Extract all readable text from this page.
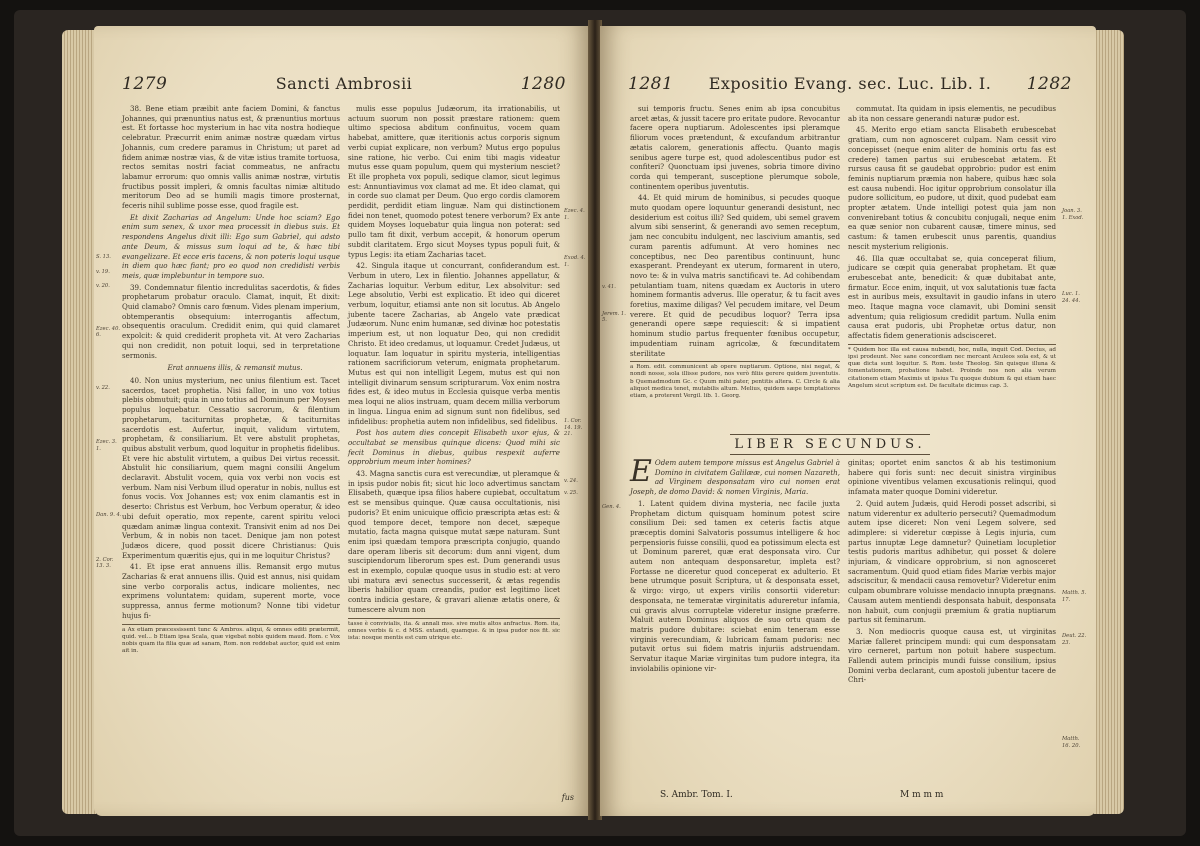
1279	Sancti Ambrosii	1280
S. 13.
v. 19.
v. 20.
Ezec. 40. 6.
v. 22.
Ezec. 3. 1.
Dan. 9. 4.
2. Cor. 13. 3.

38. Bene etiam præibit ante faciem Domini, & fanctus Johannes, qui prænuntius natus est, & prænuntius mortuus est. Et fortasse hoc mysterium in hac vita nostra hodieque celebratur. Præcurrit enim animæ nostræ quædam virtus Johannis, cum credere paramus in Christum; ut paret ad fidem animæ nostræ vias, & de vitæ istius tramite tortuosa, rectos semitas nostri faciat commeatus, ne anfractu labamur errorum: quo omnis vallis animæ nostræ, virtutis fructibus possit impleri, & omnis facultas nimiæ altitudo meritorum Deo ad se humili magis timore prosternat, feceris nihil sublime posse esse, quod fragile est.

Et dixit Zacharias ad Angelum: Unde hoc sciam? Ego enim sum senex, & uxor mea processit in diebus suis. Et respondens Angelus dixit illi: Ego sum Gabriel, qui adsto ante Deum, & missus sum loqui ad te, & hæc tibi evangelizare. Et ecce eris tacens, & non poteris loqui usque in diem quo hæc fiant; pro eo quod non credidisti verbis meis, quæ implebuntur in tempore suo.

39. Condemnatur filentio incredulitas sacerdotis, & fides prophetarum probatur oraculo. Clamat, inquit, Et dixit: Quid clamabo? Omnis caro fœnum. Vides plenam imperium, obtemperantis obsequium: interrogantis affectum, obsequentis oraculum. Credidit enim, qui quid clamaret expolcit: & quid crediderit propheta vit. At vero Zacharias qui non credidit, non potuit loqui, sed in terpretatione sermonis.

Erat annuens illis, & remansit mutus.

40. Non unius mysterium, nec unius filentium est. Tacet sacerdos, tacet prophetia. Nisi fallor, in uno vox totius plebis obmutuit; quia in uno totius ad Dominum per Moysen populus loquebatur. Cessatio sacrorum, & filentium prophetarum, taciturnitas prophetæ, & taciturnitas sacerdotis est. Aufertur, inquit, validum virtutem, prophetam, & consiliarium. Et vere abstulit prophetas, quibus abstulit verbum, quod loquitur in prophetis fidelibus. Et vere hic abstulit virtutem, a quibus Dei virtus recessit. Abstulit hic consiliarium, quem magni consilii Angelum declaravit. Abstulit vocem, quia vox verbi non vocis est verbum. Nam nisi Verbum illud operatur in nobis, nullus est fonus vocis. Vox Johannes est; vox enim clamantis est in deserto: Christus est Verbum, hoc Verbum operatur, & ideo ubi defuit operatio, mox repente, carent spiritu veloci quædam animæ lingua contexit. Transivit enim ad nos Dei Verbum, & in nobis non tacet. Denique jam non potest Judæos dicere, quod possit dicere Christianus: Quis Experimentum quæritis ejus, qui in me loquitur Christus?

41. Et ipse erat annuens illis. Remansit ergo mutus Zacharias & erat annuens illis. Quid est annus, nisi quidam sine verbo corporalis actus, indicare molientes, nec exprimens voluntatem: quidam, superent morte, voce suppressa, annus ferme motionum? Nonne tibi videtur hujus fi-

a Ax etiam præcessissent tunc & Ambros. aliqui, & omnes editi prætermit, quid. vel... b Etiam ipsa Scala, quæ vigebat nobis quidem maud. Rom. c Vox nobis quam ita filia quæ ad sanam, Rom. non reddebat auctor, quid est enim ait in.

mulis esse populus Judæorum, ita irrationabilis, ut actuum suorum non possit præstare rationem: quem ultimo speciosa abditum confinuitus, vocem quam habebat, amittere, quæ iteritionis actus corporis signum verbi cupiat explicare, non verbum? Mutus ergo populus sine ratione, hic verbo. Cui enim tibi magis videatur mutus esse quam populum, quem qui mysterium nesciet? Et ille propheta vox populi, sedique clamor, sicut legimus est: Annuntiavimus vox clamat ad me. Et ideo clamat, qui in corde suo clamat per Deum. Quo ergo cordis clamorem perdidit, perdidit etiam linguæ. Nam qui distinctionem fidei non tenet, quomodo potest tenere verborum? Ex ante quidem Moyses loquebatur quia lingua non poterat: sed pullo tam fit dixit, verbum accepit, & honorum operum subdit claritatem. Ergo sicut Moyses typus populi fuit, & typus Legis: ita etiam Zacharias tacet.

42. Singula itaque ut concurrant, confiderandum est. Verbum in utero, Lex in filentio. Johannes appellatur, & Zacharias loquitur. Verbum editur, Lex absolvitur: sed Lege absolutio, Verbi est explicatio. Et ideo qui diceret verbum, loquitur, etiamsi ante non sit locutus. Ab Angelo jubente tacere Zacharias, ab Angelo vate prædicat Judæorum. Nunc enim humanæ, sed divinæ hoc potestatis imperium est, ut non loquatur Deo, qui non credidit Christo. Et ideo credamus, ut loquamur. Credet Judæus, ut loquatur. Iam loquatur in spiritu mysteria, intelligentias rationem sacrificiorum veterum, enigmata prophetarum. Mutus est qui non intelligit Legem, mutus est qui non intelligit divinarum sensum scripturarum. Vox enim nostra fides est, & ideo mutus in Ecclesia quisque verba mentis mea loqui ne alios instruam, quam decem millia verborum in lingua. Lingua enim ad signum sunt non fidelibus, sed infidelibus: prophetia autem non infidelibus, sed fidelibus.

Post hos autem dies concepit Elisabeth uxor ejus, & occultabat se mensibus quinque dicens: Quod mihi sic fecit Dominus in diebus, quibus respexit auferre opprobrium meum inter homines?

43. Magna sanctis cura est verecundiæ, ut pleramque & in ipsis pudor nobis fit; sicut hic loco advertimus sanctam Elisabeth, quæque ipsa filios habere cupiebat, occultatum est se mensibus quinque. Quæ causa occultationis, nisi pudoris? Et enim unicuique officio præscripta ætas est: & quod tempore decet, tempore non decet, sæpeque mutatio, facta magna quisque mutat sæpe naturam. Sunt enim ipsi quædam tempora præscripta conjugio, quando dare operam liberis sit decorum: dum anni vigent, dum suscipiendorum liberorum spes est. Dum generandi usus est in exemplo, copulæ quoque usus in studio est: at vero ubi matura ævi senectus successerit, & ætas regendis liberis habilior quam creandis, pudor est legitimo licet contra indicia gestare, & gravari alienæ ætatis onere, & tumescere alvum non

tasse è convivialis, ita. & annali mss. sive mutis altos anfractus. Rom. ita, omnes verbis & c. d MSS. extandi, quamque. & in ipsa pudor nos fit. sic ista: nosque mentis est cum utrique etc.
Ezec. 4. 1.
Exod. 4. 1.
1. Cor. 14. 19. 21.
v. 24.
v. 25.
fus
1281	Expositio Evang. sec. Luc. Lib. I.	1282
v. 41.
Jerem. 1. 5.
Gen. 4.

sui temporis fructu. Senes enim ab ipsa concubitus arcet ætas, & jussit tacere pro eritate pudore. Revocantur facere opera nuptiarum. Adolescentes ipsi pleramque filiorum voces prætendunt, & excufandum arbitrantur ætatis calorem, generationis affectu. Quanto magis senibus agere turpe est, quod adolescentibus pudor est confiteri? Quonctuam ipsi juvenes, sobria timore divino corda qui temperant, susceptione plerumque sobole, continentem operibus juventutis.

44. Et quid mirum de hominibus, si pecudes quoque muto quodam opere loquuntur generandi desistunt, nec desiderium est coitus illi? Sed quidem, ubi semel gravem alvum sibi senserint, & generandi avo semen receptum, jam nec concubitu indulgent, nec lascivium amantis, sed curam parentis adfumunt. At vero homines nec conceptibus, nec Deo parentibus continuunt, hunc exasperant. Prendeyant ex uterum, formarent in utero, novo te: & in vulva matris sanctificavi te. Ad cohibendam petulantiam tuam, nitens quædam ex Auctoris in utero hominem formantis adverus. Ille operatur, & tu facit aves foretius, maxime diligas? Vel pecudem imitare, vel Deum verere. Et quid de pecudibus loquor? Terra ipsa generandi opere sæpe requiescit: & si impatient hominum studio partus frequenter fœnibus occupetur, impudentiam ruinam agricolæ, & fœcunditatem sterilitate

a Rom. edit. communicent ab opere nuptiarum. Optione, nisi negat, & nondi nosse, sola illisse pudore, nos verò filiis gerere quidem juventutis. b Quemadmodum Gc. c Quum mihi pater, pentitis altera. C. Circle & alia aliquot medica tenet, mutabilis altum. Melius, quidem sæpe temptatiores etiam, a proterent Vergil. lib. 1. Georg.

commutat. Ita quidam in ipsis elementis, ne pecudibus ab ita non cessare generandi naturæ pudor est.

45. Merito ergo etiam sancta Elisabeth erubescebat gratiam, cum non agnosceret culpam. Nam cessit viro concepisset (neque enim aliter de hominis ortu fas est credere) tamen partus sui erubescebat ætatem. Et rursus causa fit se gaudebat opprobrio: pudor est enim feminis nuptiarum præmia non habere, quibus hæc sola est causa nubendi. Hoc igitur opprobrium consolatur illa pudore sollicitum, eo pudore, ut dixit, quod pudebat eam propter ætatem. Unde intelligi potest quia jam non convenirebant totius & concubitu conjugali, neque enim ea quæ senior non cubarent causæ, timere minus, sed castum: & tamen erubescit unus parentis, quandius nescit mysterium religionis.

46. Illa quæ occultabat se, quia conceperat filium, judicare se cœpit quia generabat prophetam. Et quæ erubescebat ante, benedicit: & quæ dubitabat ante, firmatur. Ecce enim, inquit, ut vox salutationis tuæ facta est in auribus meis, exsultavit in gaudio infans in utero meo. Itaque magna voce clamavit, ubi Domini sensit adventum; quia religiosum credidit partum. Nulla enim causa erat pudoris, ubi Prophetæ ortus datur, non affectatis fidem generationis adscisceret.

* Quidem hoc illa est causa nubendi, hoc, nulla, inquit Cod. Decius, ad ipsi prodeunt. Nec sane concordiam nec mercant Aculeos sola est, & ut quæ dicta sunt loquitur. S. Rom. teste Theolog. Sin quisque illuna & fomentationem, probatione habet. Proinde nos non alia verum citationem etiam Maximis ut ipsius Tu quoque dubium & qui etiam haec Angelum sicut scriptum est. De facultate dicimus cap. 3.
Joan. 3. 1. Exod.
Luc. 1. 24. 44.
Matth. 5. 17.
Deut. 22. 23.
Matth. 16. 20.
LIBER SECUNDUS.

E Odem autem tempore missus est Angelus Gabriel à Domino in civitatem Galilææ, cui nomen Nazareth, ad Virginem desponsatam viro cui nomen erat Joseph, de domo David: & nomen Virginis, Maria.

1. Latent quidem divina mysteria, nec facile juxta Prophetam dictum quisquam hominum potest scire consilium Dei: sed tamen ex ceteris factis atque præceptis domini Salvatoris possumus intelligere & hoc perpensioris fuisse consilii, quod ea potissimum electa est ut Dominum pareret, quæ erat desponsata viro. Cur autem non antequam desponsaretur, impleta est? Fortasse ne diceretur quod conceperat ex adulterio. Et bene utrumque posuit Scriptura, ut & desponsata esset, & virgo: virgo, ut expers virilis consortii videretur: desponsata, ne temeratæ virginitatis adureretur infamia, cui gravis alvus corruptelæ videretur insigne præferre. Maluit autem Dominus aliquos de suo ortu quam de matris pudore dubitare: sciebat enim teneram esse virginis verecundiam, & lubricam famam pudoris: nec putavit ortus sui fidem matris injuriis adstruendam. Servatur itaque Mariæ virginitas tum pudore integra, ita inviolabilis opinione vir-

ginitas; oportet enim sanctos & ab his testimonium habere qui foris sunt: nec decuit sinistra virginibus opinione viventibus velamen excusationis relinqui, quod infamata mater quoque Domini videretur.

2. Quid autem Judæis, quid Herodi posset adscribi, si natum viderentur ex adulterio persecuti? Quemadmodum autem ipse diceret: Non veni Legem solvere, sed adimplere: si videretur cœpisse à Legis injuria, cum partus innuptæ Lege damnetur? Quinetiam locupletior testis pudoris maritus adhibetur, qui posset & dolere injuriam, & vindicare opprobrium, si non agnosceret sacramentum. Quid quod etiam fides Mariæ verbis major adsciscitur, & mendacii causa removetur? Videretur enim culpam obumbrare voluisse mendacio innupta prægnans. Causam autem mentiendi desponsata habuit, desponsata non habuit, cum conjugii præmium & gratia nuptiarum partus sit feminarum.

3. Non mediocris quoque causa est, ut virginitas Mariæ falleret principem mundi: qui cum desponsatam viro cerneret, partum non potuit habere suspectum. Fallendi autem principis mundi fuisse consilium, ipsius Domini verba declarant, cum apostoli jubentur tacere de Chri-

S. Ambr. Tom. I.	M m m m
